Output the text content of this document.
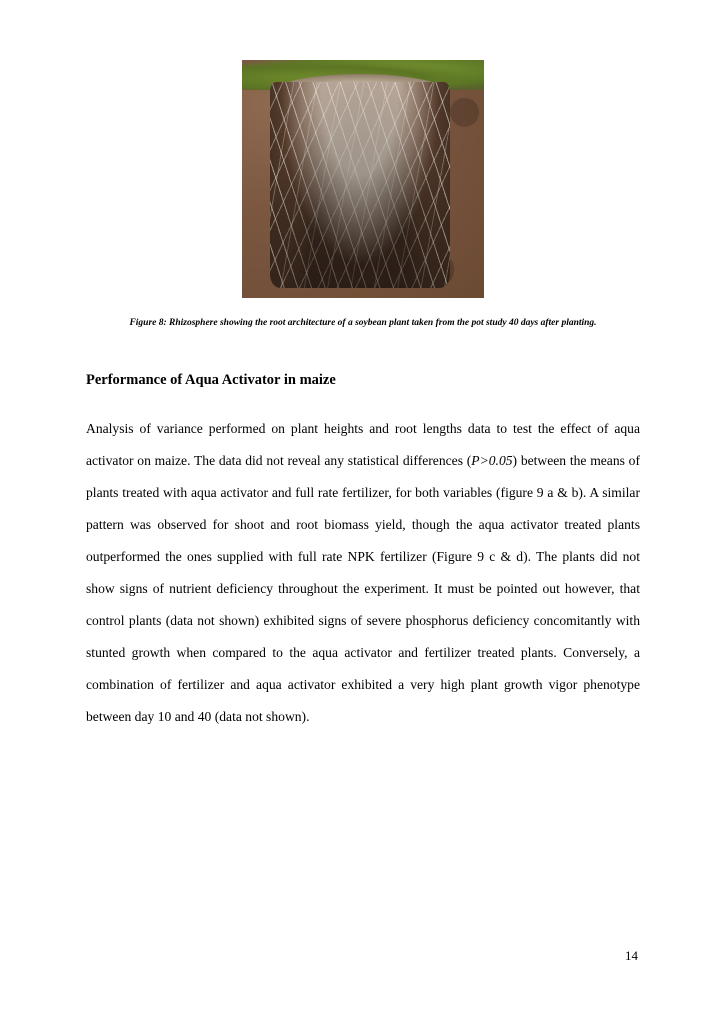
Figure 8: Rhizosphere showing the root architecture of a soybean plant taken from the pot study 40 days after planting.
Performance of Aqua Activator in maize

Analysis of variance performed on plant heights and root lengths data to test the effect of aqua activator on maize. The data did not reveal any statistical differences (P>0.05) between the means of plants treated with aqua activator and full rate fertilizer, for both variables (figure 9 a & b). A similar pattern was observed for shoot and root biomass yield, though the aqua activator treated plants outperformed the ones supplied with full rate NPK fertilizer (Figure 9 c & d). The plants did not show signs of nutrient deficiency throughout the experiment. It must be pointed out however, that control plants (data not shown) exhibited signs of severe phosphorus deficiency concomitantly with stunted growth when compared to the aqua activator and fertilizer treated plants. Conversely, a combination of fertilizer and aqua activator exhibited a very high plant growth vigor phenotype between day 10 and 40 (data not shown).

14
